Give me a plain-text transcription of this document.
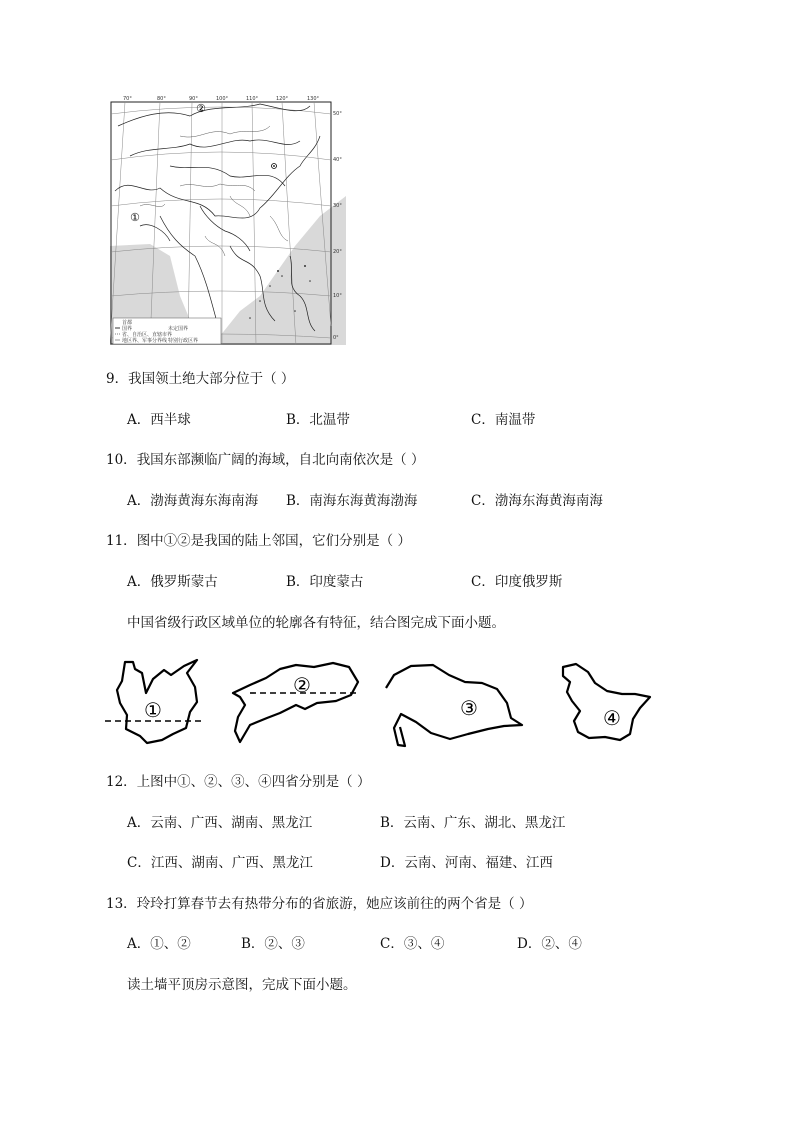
70°	80°	90°	100°	110°	120°	130°
50°
40°
30°
20°
10°
0°
②
①
首都
国界	未定国界
省、自治区、直辖市界
地区界、军事分界线 特别行政区界
9．我国领土绝大部分位于（ ）
A．西半球	B．北温带	C．南温带
10．我国东部濒临广阔的海域，自北向南依次是（ ）
A．渤海黄海东海南海 B．南海东海黄海渤海	C．渤海东海黄海南海
11．图中①②是我国的陆上邻国，它们分别是（ ）
A．俄罗斯蒙古	B．印度蒙古	C．印度俄罗斯
中国省级行政区域单位的轮廓各有特征，结合图完成下面小题。
①
②
③	④
12．上图中①、②、③、④四省分别是（ ）
A．云南、广西、湖南、黑龙江	B．云南、广东、湖北、黑龙江
C．江西、湖南、广西、黑龙江	D．云南、河南、福建、江西
13．玲玲打算春节去有热带分布的省旅游，她应该前往的两个省是（ ）
A．①、②	B．②、③	C．③、④	D．②、④
读土墙平顶房示意图，完成下面小题。
